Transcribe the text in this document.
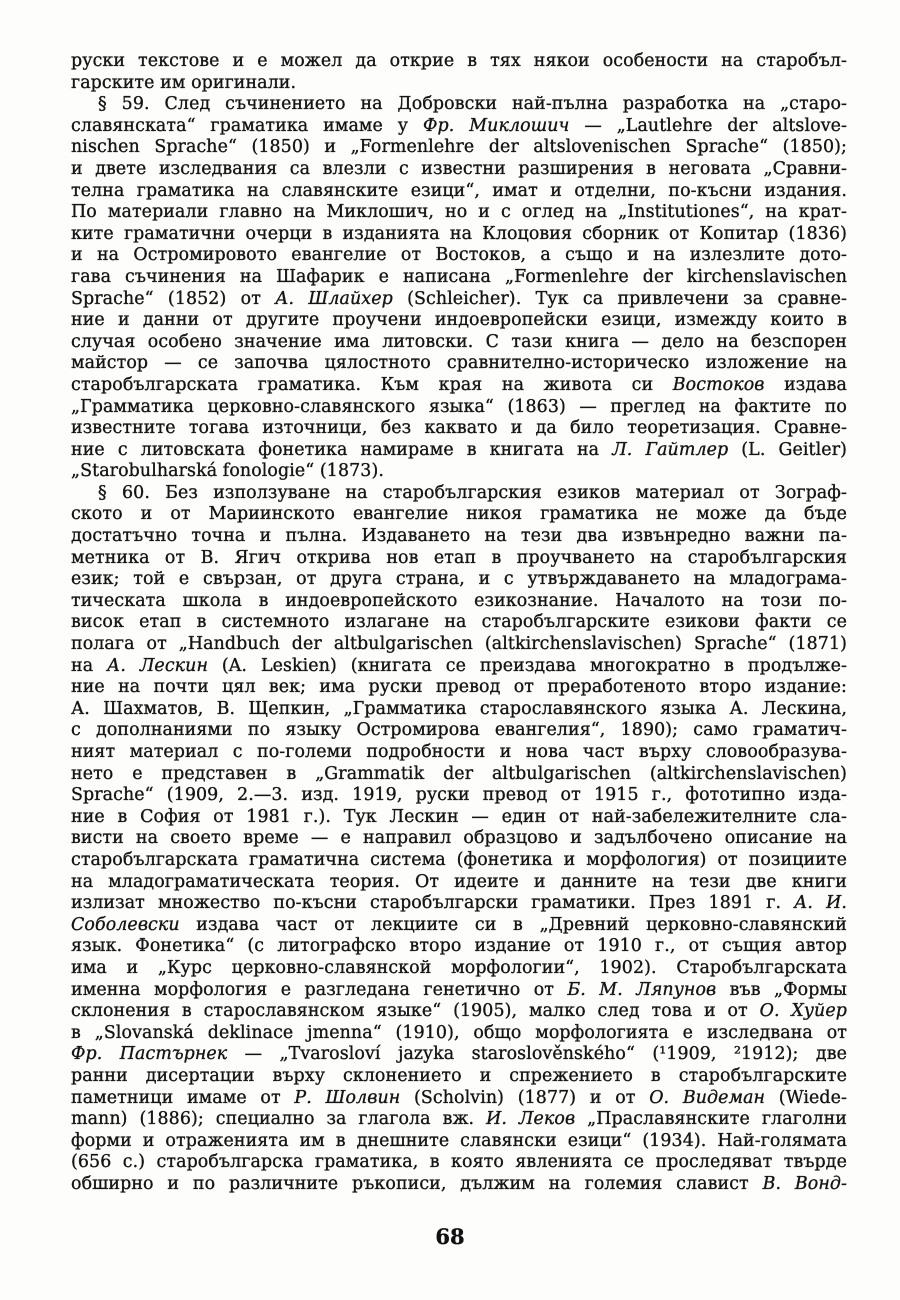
руски текстове и е можел да открие в тях някои особености на старобъл-
гарските им оригинали.
§ 59. След съчинението на Добровски най-пълна разработка на „старо-
славянската“ граматика имаме у Фр. Миклошич — „Lautlehre der altslove-
nischen Sprache“ (1850) и „Formenlehre der altslovenischen Sprache“ (1850);
и двете изследвания са влезли с известни разширения в неговата „Сравни-
телна граматика на славянските езици“, имат и отделни, по-късни издания.
По материали главно на Миклошич, но и с оглед на „Institutiones“, на крат-
ките граматични очерци в изданията на Клоцовия сборник от Копитар (1836)
и на Остромировото евангелие от Востоков, а също и на излезлите дото-
гава съчинения на Шафарик е написана „Formenlehre der kirchenslavischen
Sprache“ (1852) от А. Шлайхер (Schleicher). Тук са привлечени за сравне-
ние и данни от другите проучени индоевропейски езици, измежду които в
случая особено значение има литовски. С тази книга — дело на безспорен
майстор — се започва цялостното сравнително-историческо изложение на
старобългарската граматика. Към края на живота си Востоков издава
„Грамматика церковно-славянского языка“ (1863) — преглед на фактите по
известните тогава източници, без каквато и да било теоретизация. Сравне-
ние с литовската фонетика намираме в книгата на Л. Гайтлер (L. Geitler)
„Starobulharská fonologie“ (1873).
§ 60. Без използуване на старобългарския езиков материал от Зограф-
ското и от Мариинското евангелие никоя граматика не може да бъде
достатъчно точна и пълна. Издаването на тези два извънредно важни па-
метника от В. Ягич открива нов етап в проучването на старобългарския
език; той е свързан, от друга страна, и с утвърждаването на младограма-
тическата школа в индоевропейското езикознание. Началото на този по-
висок етап в системното излагане на старобългарските езикови факти се
полага от „Handbuch der altbulgarischen (altkirchenslavischen) Sprache“ (1871)
на А. Лескин (A. Leskien) (книгата се преиздава многократно в продълже-
ние на почти цял век; има руски превод от преработеното второ издание:
А. Шахматов, В. Щепкин, „Грамматика старославянского языка А. Лескина,
с дополнаниями по языку Остромирова евангелия“, 1890); само граматич-
ният материал с по-големи подробности и нова част върху словообразува-
нето е представен в „Grammatik der altbulgarischen (altkirchenslavischen)
Sprache“ (1909, 2.—3. изд. 1919, руски превод от 1915 г., фототипно изда-
ние в София от 1981 г.). Тук Лескин — един от най-забележителните сла-
висти на своето време — е направил образцово и задълбочено описание на
старобългарската граматична система (фонетика и морфология) от позициите
на младограматическата теория. От идеите и данните на тези две книги
излизат множество по-късни старобългарски граматики. През 1891 г. А. И.
Соболевски издава част от лекциите си в „Древний церковно-славянский
язык. Фонетика“ (с литографско второ издание от 1910 г., от същия автор
има и „Курс церковно-славянской морфологии“, 1902). Старобългарската
именна морфология е разгледана генетично от Б. М. Ляпунов във „Формы
склонения в старославянском языке“ (1905), малко след това и от О. Хуйер
в „Slovanská deklinace jmenna“ (1910), общо морфологията е изследвана от
Фр. Пастърнек — „Tvarosloví jazyka staroslověnského“ (¹1909, ²1912); две
ранни дисертации върху склонението и спрежението в старобългарските
паметници имаме от Р. Шолвин (Scholvin) (1877) и от О. Видеман (Wiede-
mann) (1886); специално за глагола вж. И. Леков „Праславянските глаголни
форми и отраженията им в днешните славянски езици“ (1934). Най-голямата
(656 с.) старобългарска граматика, в която явленията се проследяват твърде
обширно и по различните ръкописи, дължим на големия славист В. Вонд-
68
